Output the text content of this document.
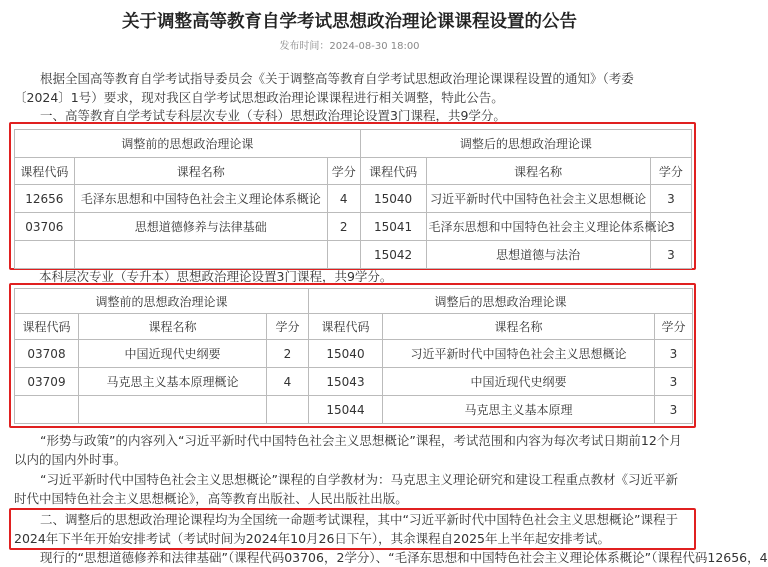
关于调整高等教育自学考试思想政治理论课课程设置的公告
发布时间：2024-08-30 18:00

根据全国高等教育自学考试指导委员会《关于调整高等教育自学考试思想政治理论课课程设置的通知》（考委〔2024〕1号）要求，现对我区自学考试思想政治理论课课程进行相关调整，特此公告。

一、高等教育自学考试专科层次专业（专科）思想政治理论设置3门课程，共9学分。

调整前的思想政治理论课			调整后的思想政治理论课		
课程代码	课程名称	学分	课程代码	课程名称	学分
12656	毛泽东思想和中国特色社会主义理论体系概论	4	15040	习近平新时代中国特色社会主义思想概论	3
03706	思想道德修养与法律基础	2	15041	毛泽东思想和中国特色社会主义理论体系概论	3
			15042	思想道德与法治	3

本科层次专业（专升本）思想政治理论设置3门课程，共9学分。

调整前的思想政治理论课			调整后的思想政治理论课		
课程代码	课程名称	学分	课程代码	课程名称	学分
03708	中国近现代史纲要	2	15040	习近平新时代中国特色社会主义思想概论	3
03709	马克思主义基本原理概论	4	15043	中国近现代史纲要	3
			15044	马克思主义基本原理	3

“形势与政策”的内容列入“习近平新时代中国特色社会主义思想概论”课程，考试范围和内容为每次考试日期前12个月以内的国内外时事。

“习近平新时代中国特色社会主义思想概论”课程的自学教材为：马克思主义理论研究和建设工程重点教材《习近平新时代中国特色社会主义思想概论》，高等教育出版社、人民出版社出版。

二、调整后的思想政治理论课程均为全国统一命题考试课程，其中“习近平新时代中国特色社会主义思想概论”课程于2024年下半年开始安排考试（考试时间为2024年10月26日下午），其余课程自2025年上半年起安排考试。

现行的“思想道德修养和法律基础”（课程代码03706，2学分）、“毛泽东思想和中国特色社会主义理论体系概论”（课程代码12656，4
